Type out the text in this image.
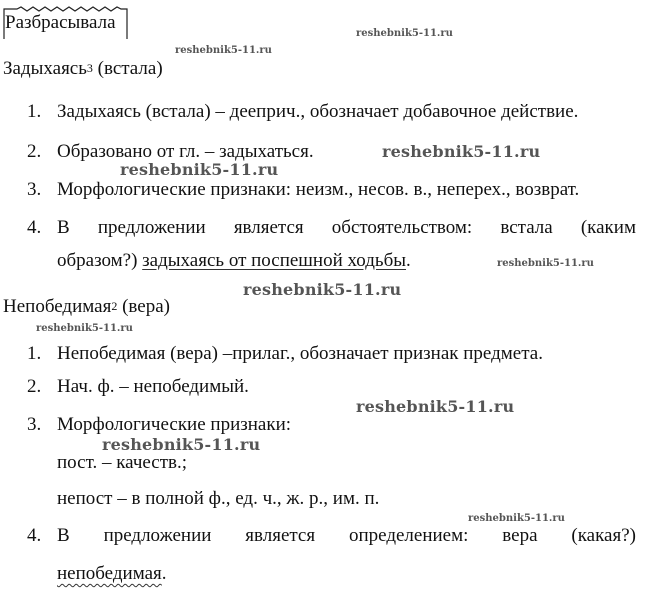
Разбрасывала
reshebnik5-11.ru
reshebnik5-11.ru
reshebnik5-11.ru
reshebnik5-11.ru
reshebnik5-11.ru
reshebnik5-11.ru
reshebnik5-11.ru
reshebnik5-11.ru
reshebnik5-11.ru
reshebnik5-11.ru
Задыхаясь$^3$ (встала)
1. Задыхаясь (встала) – дееприч., обозначает добавочное действие.
2. Образовано от гл. – задыхаться.
3. Морфологические признаки: неизм., несов. в., неперех., возврат.
4. В предложении является обстоятельством: встала (каким
образом?) задыхаясь от поспешной ходьбы.
Непобедимая$^2$ (вера)
1. Непобедимая (вера) –прилаг., обозначает признак предмета.
2. Нач. ф. – непобедимый.
3. Морфологические признаки:
пост. – качеств.;
непост – в полной ф., ед. ч., ж. р., им. п.
4. В предложении является определением: вера (какая?)
непобедимая.
